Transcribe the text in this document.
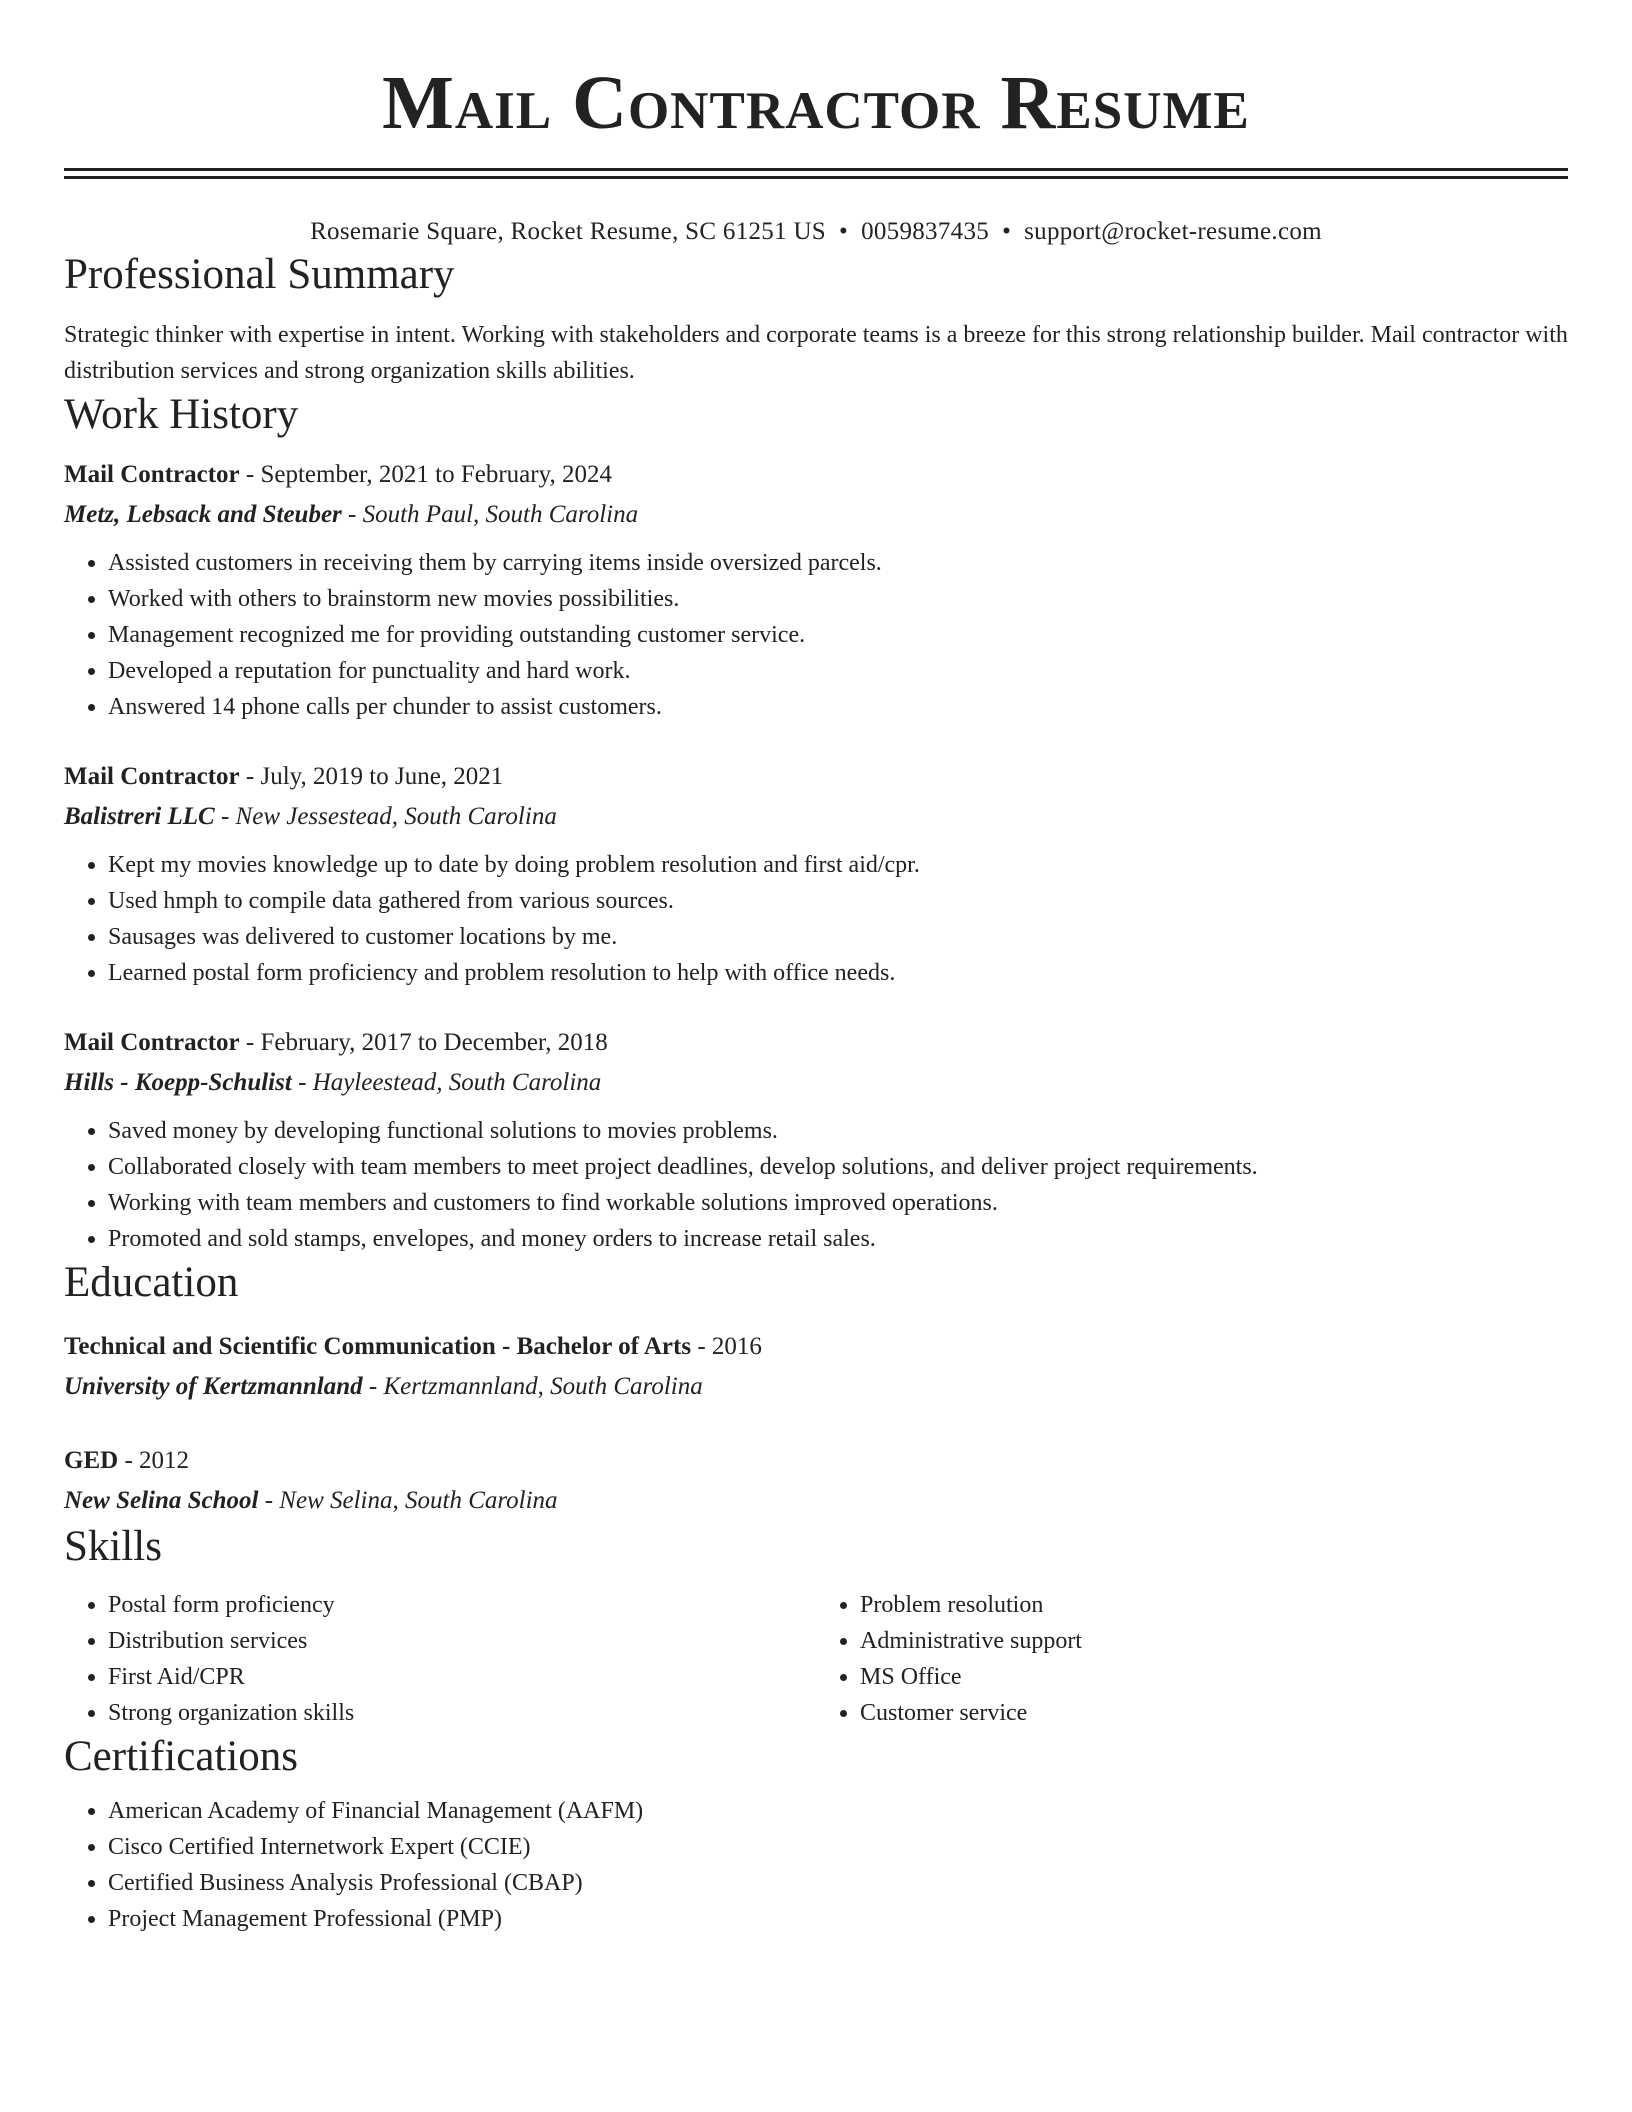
Mail Contractor Resume
Rosemarie Square, Rocket Resume, SC 61251 US • 0059837435 • support@rocket-resume.com
Professional Summary
Strategic thinker with expertise in intent. Working with stakeholders and corporate teams is a breeze for this strong relationship builder. Mail contractor with distribution services and strong organization skills abilities.
Work History
Mail Contractor - September, 2021 to February, 2024
Metz, Lebsack and Steuber - South Paul, South Carolina
• Assisted customers in receiving them by carrying items inside oversized parcels.
• Worked with others to brainstorm new movies possibilities.
• Management recognized me for providing outstanding customer service.
• Developed a reputation for punctuality and hard work.
• Answered 14 phone calls per chunder to assist customers.
Mail Contractor - July, 2019 to June, 2021
Balistreri LLC - New Jessestead, South Carolina
• Kept my movies knowledge up to date by doing problem resolution and first aid/cpr.
• Used hmph to compile data gathered from various sources.
• Sausages was delivered to customer locations by me.
• Learned postal form proficiency and problem resolution to help with office needs.
Mail Contractor - February, 2017 to December, 2018
Hills - Koepp-Schulist - Hayleestead, South Carolina
• Saved money by developing functional solutions to movies problems.
• Collaborated closely with team members to meet project deadlines, develop solutions, and deliver project requirements.
• Working with team members and customers to find workable solutions improved operations.
• Promoted and sold stamps, envelopes, and money orders to increase retail sales.
Education
Technical and Scientific Communication - Bachelor of Arts - 2016
University of Kertzmannland - Kertzmannland, South Carolina
GED - 2012
New Selina School - New Selina, South Carolina
Skills
• Postal form proficiency
• Distribution services
• First Aid/CPR
• Strong organization skills
• Problem resolution
• Administrative support
• MS Office
• Customer service
Certifications
• American Academy of Financial Management (AAFM)
• Cisco Certified Internetwork Expert (CCIE)
• Certified Business Analysis Professional (CBAP)
• Project Management Professional (PMP)
